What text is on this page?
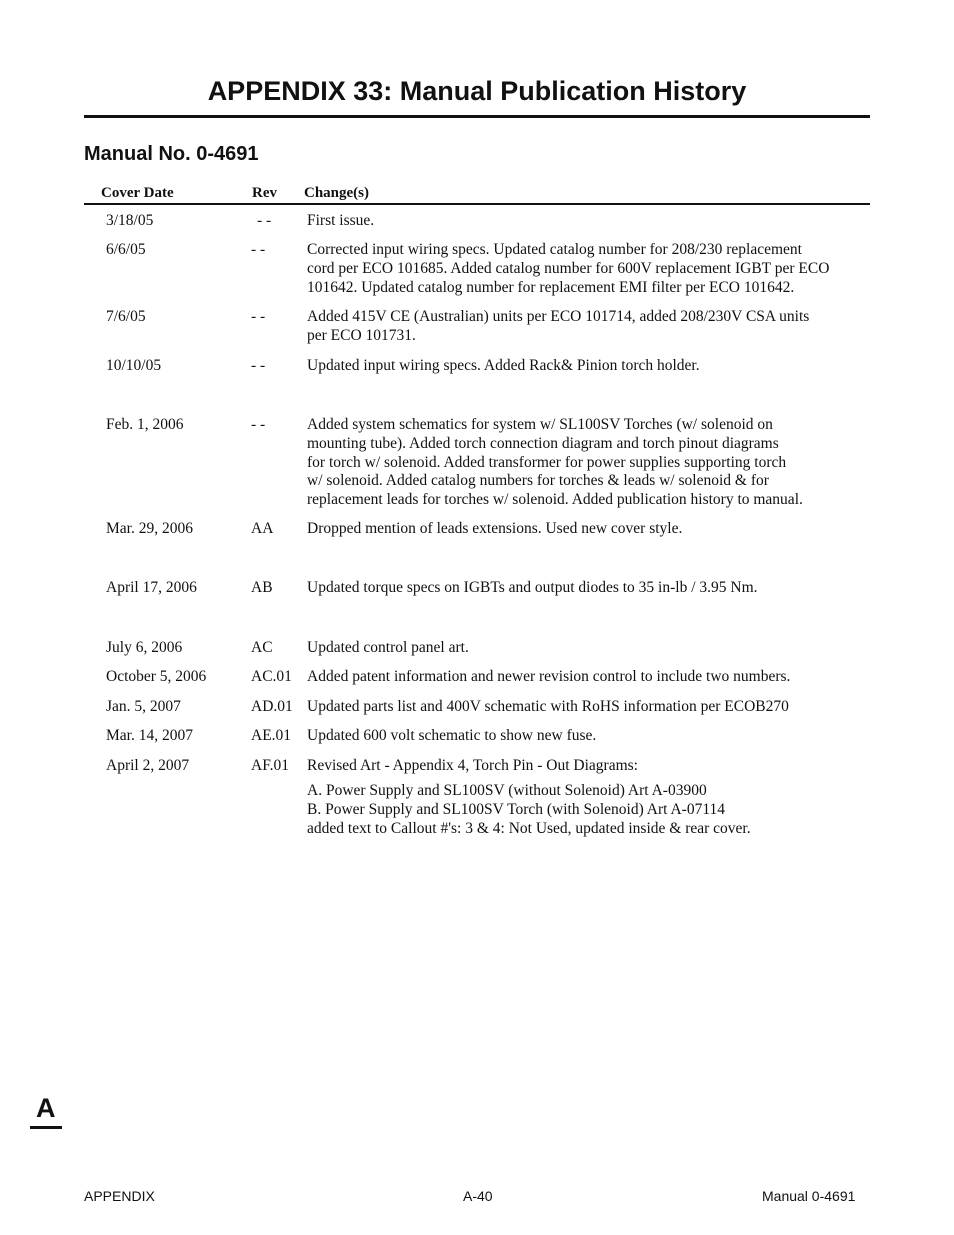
APPENDIX 33: Manual Publication History
Manual No. 0-4691
Cover Date	Rev Change(s)
3/18/05	- - First issue.
6/6/05	- -	Corrected input wiring specs. Updated catalog number for 208/230 replacement
cord per ECO 101685. Added catalog number for 600V replacement IGBT per ECO
101642. Updated catalog number for replacement EMI filter per ECO 101642.
7/6/05	- -	Added 415V CE (Australian) units per ECO 101714, added 208/230V CSA units
per ECO 101731.
10/10/05	- -	Updated input wiring specs. Added Rack& Pinion torch holder.
Feb. 1, 2006	- -	Added system schematics for system w/ SL100SV Torches (w/ solenoid on
mounting tube). Added torch connection diagram and torch pinout diagrams
for torch w/ solenoid. Added transformer for power supplies supporting torch
w/ solenoid. Added catalog numbers for torches & leads w/ solenoid & for
replacement leads for torches w/ solenoid. Added publication history to manual.
Mar. 29, 2006	AA Dropped mention of leads extensions. Used new cover style.
April 17, 2006	AB Updated torque specs on IGBTs and output diodes to 35 in-lb / 3.95 Nm.
July 6, 2006	AC Updated control panel art.
October 5, 2006	AC.01 Added patent information and newer revision control to include two numbers.
Jan. 5, 2007	AD.01 Updated parts list and 400V schematic with RoHS information per ECOB270
Mar. 14, 2007	AE.01 Updated 600 volt schematic to show new fuse.
April 2, 2007	AF.01 Revised Art - Appendix 4, Torch Pin - Out Diagrams:
A. Power Supply and SL100SV (without Solenoid) Art A-03900
B. Power Supply and SL100SV Torch (with Solenoid) Art A-07114
added text to Callout #'s: 3 & 4: Not Used, updated inside & rear cover.
A
APPENDIX	A-40	Manual 0-4691
